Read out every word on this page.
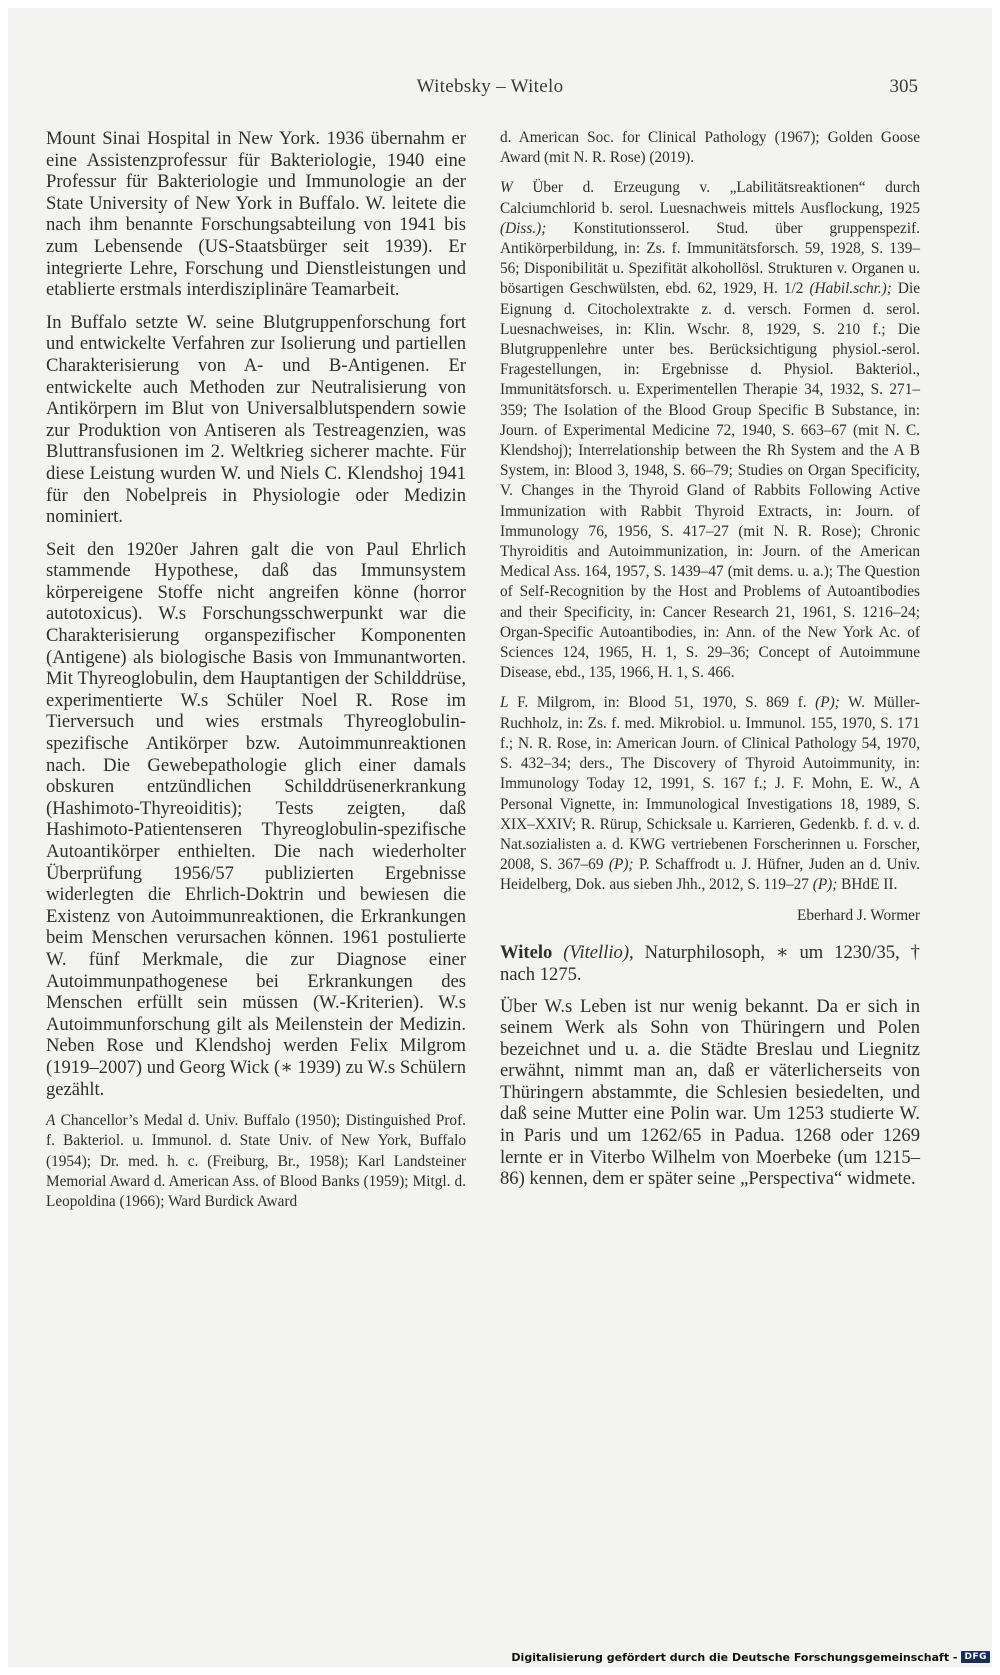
Witebsky – Witelo	305

Mount Sinai Hospital in New York. 1936 übernahm er eine Assistenzprofessur für Bakteriologie, 1940 eine Professur für Bakteriologie und Immunologie an der State University of New York in Buffalo. W. leitete die nach ihm benannte Forschungsabteilung von 1941 bis zum Lebensende (US-Staatsbürger seit 1939). Er integrierte Lehre, Forschung und Dienstleistungen und etablierte erstmals interdisziplinäre Teamarbeit.

In Buffalo setzte W. seine Blutgruppenforschung fort und entwickelte Verfahren zur Isolierung und partiellen Charakterisierung von A- und B-Antigenen. Er entwickelte auch Methoden zur Neutralisierung von Antikörpern im Blut von Universalblutspendern sowie zur Produktion von Antiseren als Testreagenzien, was Bluttransfusionen im 2. Weltkrieg sicherer machte. Für diese Leistung wurden W. und Niels C. Klendshoj 1941 für den Nobelpreis in Physiologie oder Medizin nominiert.

Seit den 1920er Jahren galt die von Paul Ehrlich stammende Hypothese, daß das Immunsystem körpereigene Stoffe nicht angreifen könne (horror autotoxicus). W.s Forschungsschwerpunkt war die Charakterisierung organspezifischer Komponenten (Antigene) als biologische Basis von Immunantworten. Mit Thyreoglobulin, dem Hauptantigen der Schilddrüse, experimentierte W.s Schüler Noel R. Rose im Tierversuch und wies erstmals Thyreoglobulin-spezifische Antikörper bzw. Autoimmunreaktionen nach. Die Gewebepathologie glich einer damals obskuren entzündlichen Schilddrüsenerkrankung (Hashimoto-Thyreoiditis); Tests zeigten, daß Hashimoto-Patientenseren Thyreoglobulin-spezifische Autoantikörper enthielten. Die nach wiederholter Überprüfung 1956/57 publizierten Ergebnisse widerlegten die Ehrlich-Doktrin und bewiesen die Existenz von Autoimmunreaktionen, die Erkrankungen beim Menschen verursachen können. 1961 postulierte W. fünf Merkmale, die zur Diagnose einer Autoimmunpathogenese bei Erkrankungen des Menschen erfüllt sein müssen (W.-Kriterien). W.s Autoimmunforschung gilt als Meilenstein der Medizin. Neben Rose und Klendshoj werden Felix Milgrom (1919–2007) und Georg Wick (∗ 1939) zu W.s Schülern gezählt.

A Chancellor’s Medal d. Univ. Buffalo (1950); Distinguished Prof. f. Bakteriol. u. Immunol. d. State Univ. of New York, Buffalo (1954); Dr. med. h. c. (Freiburg, Br., 1958); Karl Landsteiner Memorial Award d. American Ass. of Blood Banks (1959); Mitgl. d. Leopoldina (1966); Ward Burdick Award

d. American Soc. for Clinical Pathology (1967); Golden Goose Award (mit N. R. Rose) (2019).

W Über d. Erzeugung v. „Labilitätsreaktionen“ durch Calciumchlorid b. serol. Luesnachweis mittels Ausflockung, 1925 (Diss.); Konstitutionsserol. Stud. über gruppenspezif. Antikörperbildung, in: Zs. f. Immunitätsforsch. 59, 1928, S. 139–56; Disponibilität u. Spezifität alkohollösl. Strukturen v. Organen u. bösartigen Geschwülsten, ebd. 62, 1929, H. 1/2 (Habil.schr.); Die Eignung d. Citocholextrakte z. d. versch. Formen d. serol. Luesnachweises, in: Klin. Wschr. 8, 1929, S. 210 f.; Die Blutgruppenlehre unter bes. Berücksichtigung physiol.-serol. Fragestellungen, in: Ergebnisse d. Physiol. Bakteriol., Immunitätsforsch. u. Experimentellen Therapie 34, 1932, S. 271–359; The Isolation of the Blood Group Specific B Substance, in: Journ. of Experimental Medicine 72, 1940, S. 663–67 (mit N. C. Klendshoj); Interrelationship between the Rh System and the A B System, in: Blood 3, 1948, S. 66–79; Studies on Organ Specificity, V. Changes in the Thyroid Gland of Rabbits Following Active Immunization with Rabbit Thyroid Extracts, in: Journ. of Immunology 76, 1956, S. 417–27 (mit N. R. Rose); Chronic Thyroiditis and Autoimmunization, in: Journ. of the American Medical Ass. 164, 1957, S. 1439–47 (mit dems. u. a.); The Question of Self-Recognition by the Host and Problems of Autoantibodies and their Specificity, in: Cancer Research 21, 1961, S. 1216–24; Organ-Specific Autoantibodies, in: Ann. of the New York Ac. of Sciences 124, 1965, H. 1, S. 29–36; Concept of Autoimmune Disease, ebd., 135, 1966, H. 1, S. 466.

L F. Milgrom, in: Blood 51, 1970, S. 869 f. (P); W. Müller-Ruchholz, in: Zs. f. med. Mikrobiol. u. Immunol. 155, 1970, S. 171 f.; N. R. Rose, in: American Journ. of Clinical Pathology 54, 1970, S. 432–34; ders., The Discovery of Thyroid Autoimmunity, in: Immunology Today 12, 1991, S. 167 f.; J. F. Mohn, E. W., A Personal Vignette, in: Immunological Investigations 18, 1989, S. XIX–XXIV; R. Rürup, Schicksale u. Karrieren, Gedenkb. f. d. v. d. Nat.sozialisten a. d. KWG vertriebenen Forscherinnen u. Forscher, 2008, S. 367–69 (P); P. Schaffrodt u. J. Hüfner, Juden an d. Univ. Heidelberg, Dok. aus sieben Jhh., 2012, S. 119–27 (P); BHdE II.

Eberhard J. Wormer

Witelo (Vitellio), Naturphilosoph, ∗ um 1230/35, † nach 1275.

Über W.s Leben ist nur wenig bekannt. Da er sich in seinem Werk als Sohn von Thüringern und Polen bezeichnet und u. a. die Städte Breslau und Liegnitz erwähnt, nimmt man an, daß er väterlicherseits von Thüringern abstammte, die Schlesien besiedelten, und daß seine Mutter eine Polin war. Um 1253 studierte W. in Paris und um 1262/65 in Padua. 1268 oder 1269 lernte er in Viterbo Wilhelm von Moerbeke (um 1215–86) kennen, dem er später seine „Perspectiva“ widmete.

Digitalisierung gefördert durch die Deutsche Forschungsgemeinschaft - DFG
